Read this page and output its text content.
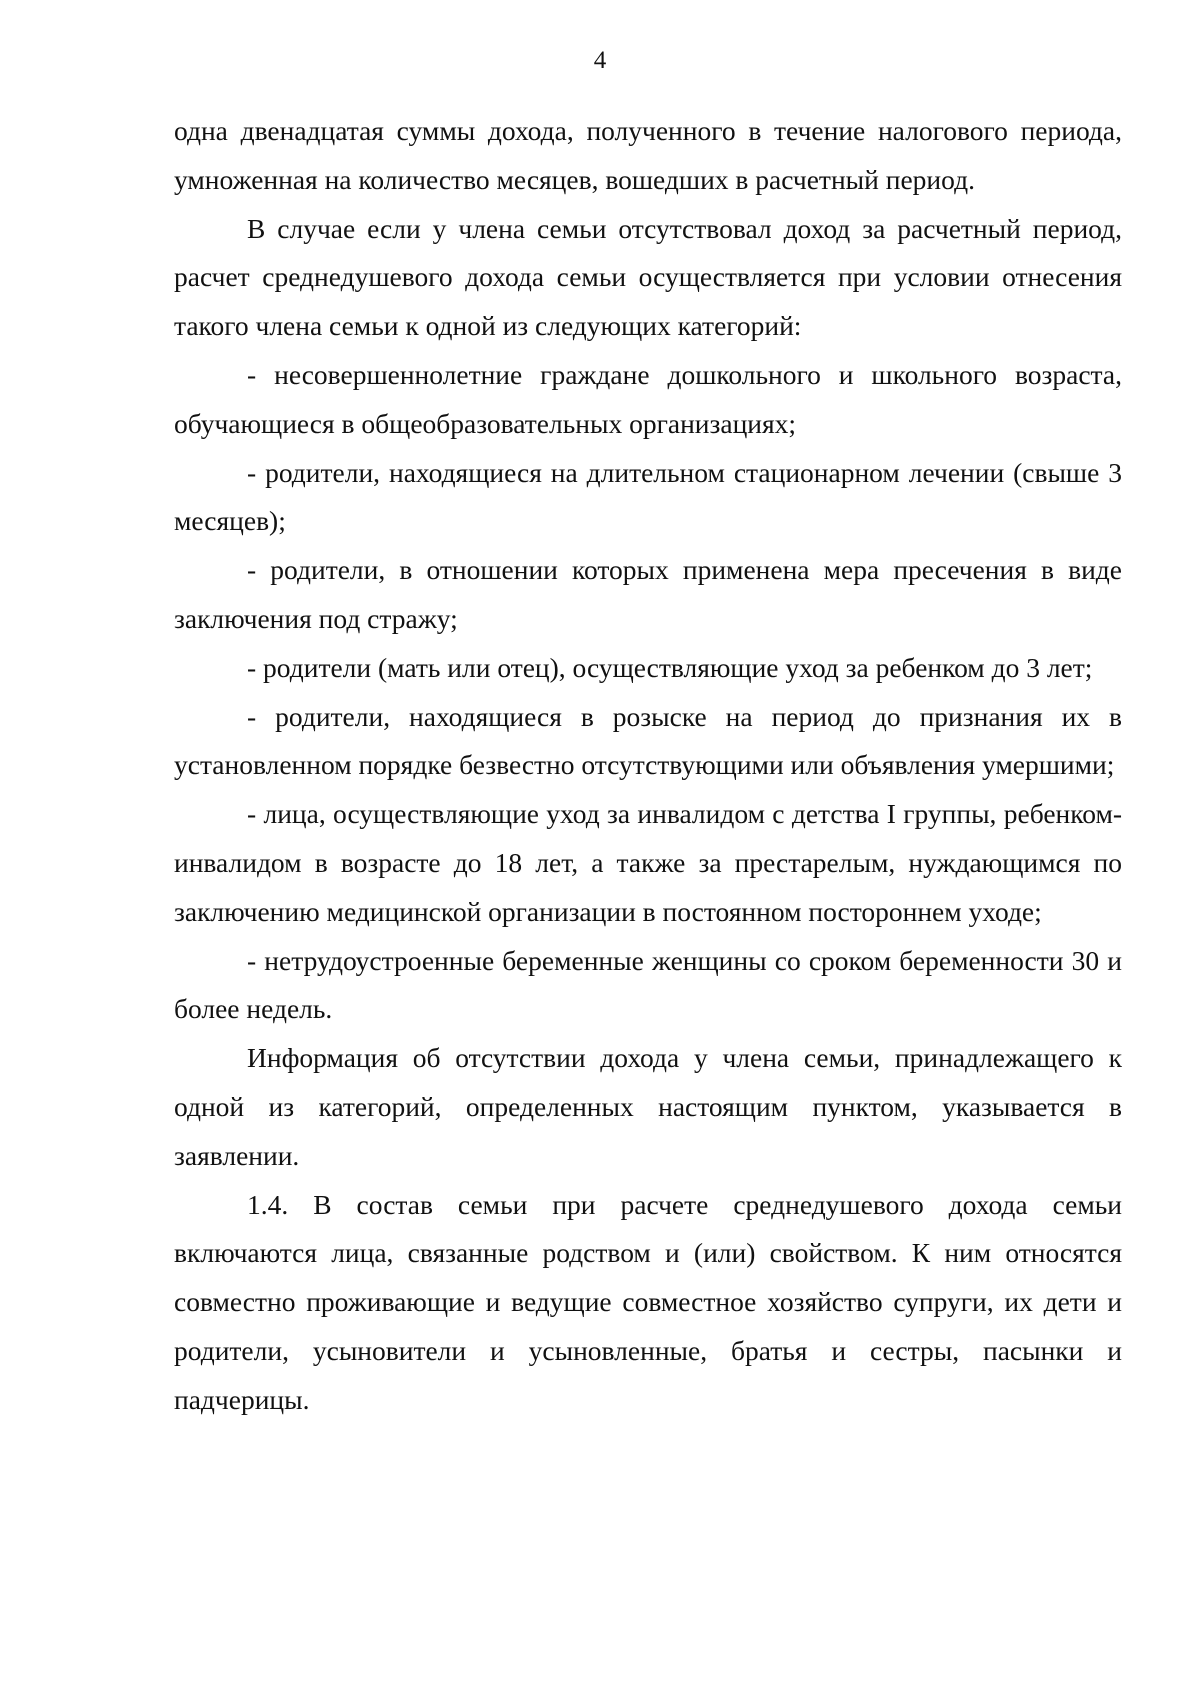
4

одна двенадцатая суммы дохода, полученного в течение налогового периода, умноженная на количество месяцев, вошедших в расчетный период.

В случае если у члена семьи отсутствовал доход за расчетный период, расчет среднедушевого дохода семьи осуществляется при условии отнесения такого члена семьи к одной из следующих категорий:

- несовершеннолетние граждане дошкольного и школьного возраста, обучающиеся в общеобразовательных организациях;

- родители, находящиеся на длительном стационарном лечении (свыше 3 месяцев);

- родители, в отношении которых применена мера пресечения в виде заключения под стражу;

- родители (мать или отец), осуществляющие уход за ребенком до 3 лет;

- родители, находящиеся в розыске на период до признания их в установленном порядке безвестно отсутствующими или объявления умершими;

- лица, осуществляющие уход за инвалидом с детства I группы, ребенком-инвалидом в возрасте до 18 лет, а также за престарелым, нуждающимся по заключению медицинской организации в постоянном постороннем уходе;

- нетрудоустроенные беременные женщины со сроком беременности 30 и более недель.

Информация об отсутствии дохода у члена семьи, принадлежащего к одной из категорий, определенных настоящим пунктом, указывается в заявлении.

1.4. В состав семьи при расчете среднедушевого дохода семьи включаются лица, связанные родством и (или) свойством. К ним относятся совместно проживающие и ведущие совместное хозяйство супруги, их дети и родители, усыновители и усыновленные, братья и сестры, пасынки и падчерицы.
